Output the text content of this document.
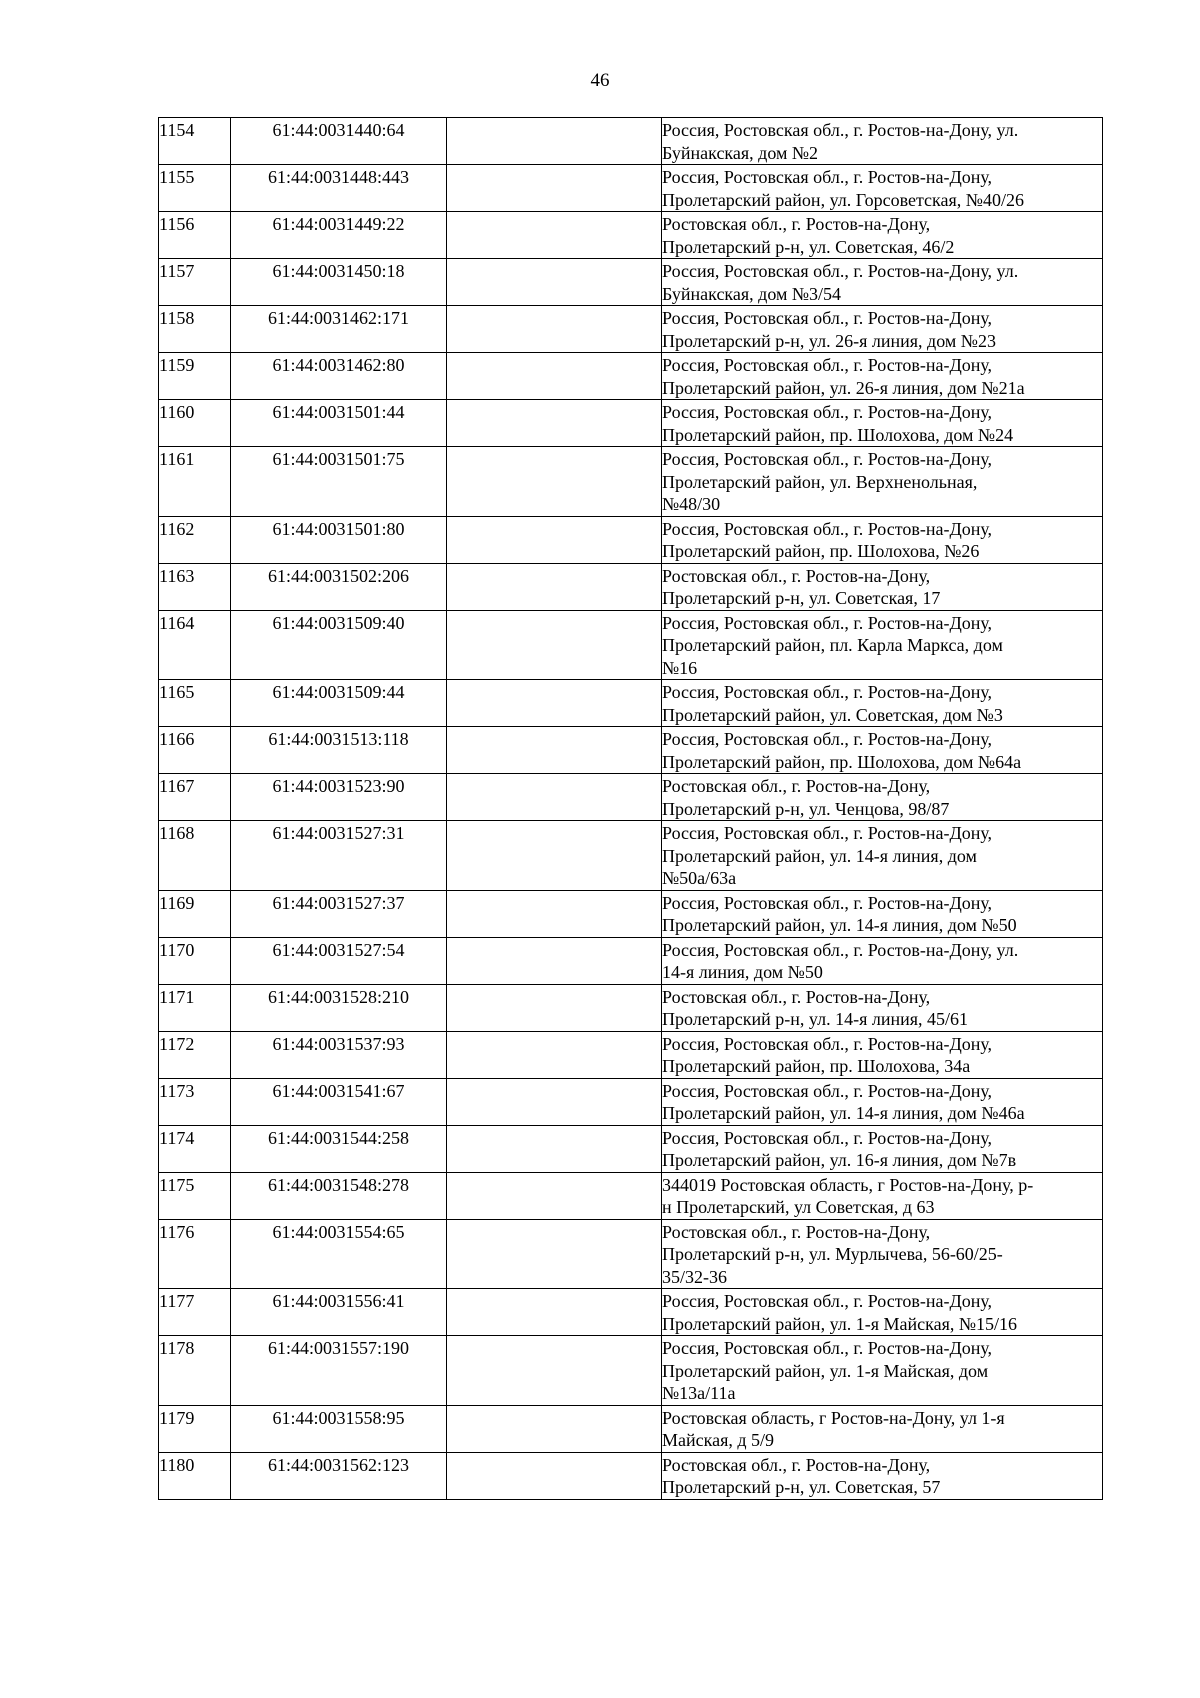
46
1154	61:44:0031440:64		Россия, Ростовская обл., г. Ростов-на-Дону, ул.
Буйнакская, дом №2

1155	61:44:0031448:443		Россия, Ростовская обл., г. Ростов-на-Дону,
Пролетарский район, ул. Горсоветская, №40/26

1156	61:44:0031449:22		Ростовская обл., г. Ростов-на-Дону,
Пролетарский р-н, ул. Советская, 46/2

1157	61:44:0031450:18		Россия, Ростовская обл., г. Ростов-на-Дону, ул.
Буйнакская, дом №3/54

1158	61:44:0031462:171		Россия, Ростовская обл., г. Ростов-на-Дону,
Пролетарский р-н, ул. 26-я линия, дом №23

1159	61:44:0031462:80		Россия, Ростовская обл., г. Ростов-на-Дону,
Пролетарский район, ул. 26-я линия, дом №21а

1160	61:44:0031501:44		Россия, Ростовская обл., г. Ростов-на-Дону,
Пролетарский район, пр. Шолохова, дом №24

1161	61:44:0031501:75		Россия, Ростовская обл., г. Ростов-на-Дону,
Пролетарский район, ул. Верхненольная,
№48/30

1162	61:44:0031501:80		Россия, Ростовская обл., г. Ростов-на-Дону,
Пролетарский район, пр. Шолохова, №26

1163	61:44:0031502:206		Ростовская обл., г. Ростов-на-Дону,
Пролетарский р-н, ул. Советская, 17

1164	61:44:0031509:40		Россия, Ростовская обл., г. Ростов-на-Дону,
Пролетарский район, пл. Карла Маркса, дом
№16

1165	61:44:0031509:44		Россия, Ростовская обл., г. Ростов-на-Дону,
Пролетарский район, ул. Советская, дом №3

1166	61:44:0031513:118		Россия, Ростовская обл., г. Ростов-на-Дону,
Пролетарский район, пр. Шолохова, дом №64а

1167	61:44:0031523:90		Ростовская обл., г. Ростов-на-Дону,
Пролетарский р-н, ул. Ченцова, 98/87

1168	61:44:0031527:31		Россия, Ростовская обл., г. Ростов-на-Дону,
Пролетарский район, ул. 14-я линия, дом
№50а/63а

1169	61:44:0031527:37		Россия, Ростовская обл., г. Ростов-на-Дону,
Пролетарский район, ул. 14-я линия, дом №50

1170	61:44:0031527:54		Россия, Ростовская обл., г. Ростов-на-Дону, ул.
14-я линия, дом №50

1171	61:44:0031528:210		Ростовская обл., г. Ростов-на-Дону,
Пролетарский р-н, ул. 14-я линия, 45/61

1172	61:44:0031537:93		Россия, Ростовская обл., г. Ростов-на-Дону,
Пролетарский район, пр. Шолохова, 34а

1173	61:44:0031541:67		Россия, Ростовская обл., г. Ростов-на-Дону,
Пролетарский район, ул. 14-я линия, дом №46а

1174	61:44:0031544:258		Россия, Ростовская обл., г. Ростов-на-Дону,
Пролетарский район, ул. 16-я линия, дом №7в

1175	61:44:0031548:278		344019 Ростовская область, г Ростов-на-Дону, р-
н Пролетарский, ул Советская, д 63

1176	61:44:0031554:65		Ростовская обл., г. Ростов-на-Дону,
Пролетарский р-н, ул. Мурлычева, 56-60/25-
35/32-36

1177	61:44:0031556:41		Россия, Ростовская обл., г. Ростов-на-Дону,
Пролетарский район, ул. 1-я Майская, №15/16

1178	61:44:0031557:190		Россия, Ростовская обл., г. Ростов-на-Дону,
Пролетарский район, ул. 1-я Майская, дом
№13а/11а

1179	61:44:0031558:95		Ростовская область, г Ростов-на-Дону, ул 1-я
Майская, д 5/9

1180	61:44:0031562:123		Ростовская обл., г. Ростов-на-Дону,
Пролетарский р-н, ул. Советская, 57
